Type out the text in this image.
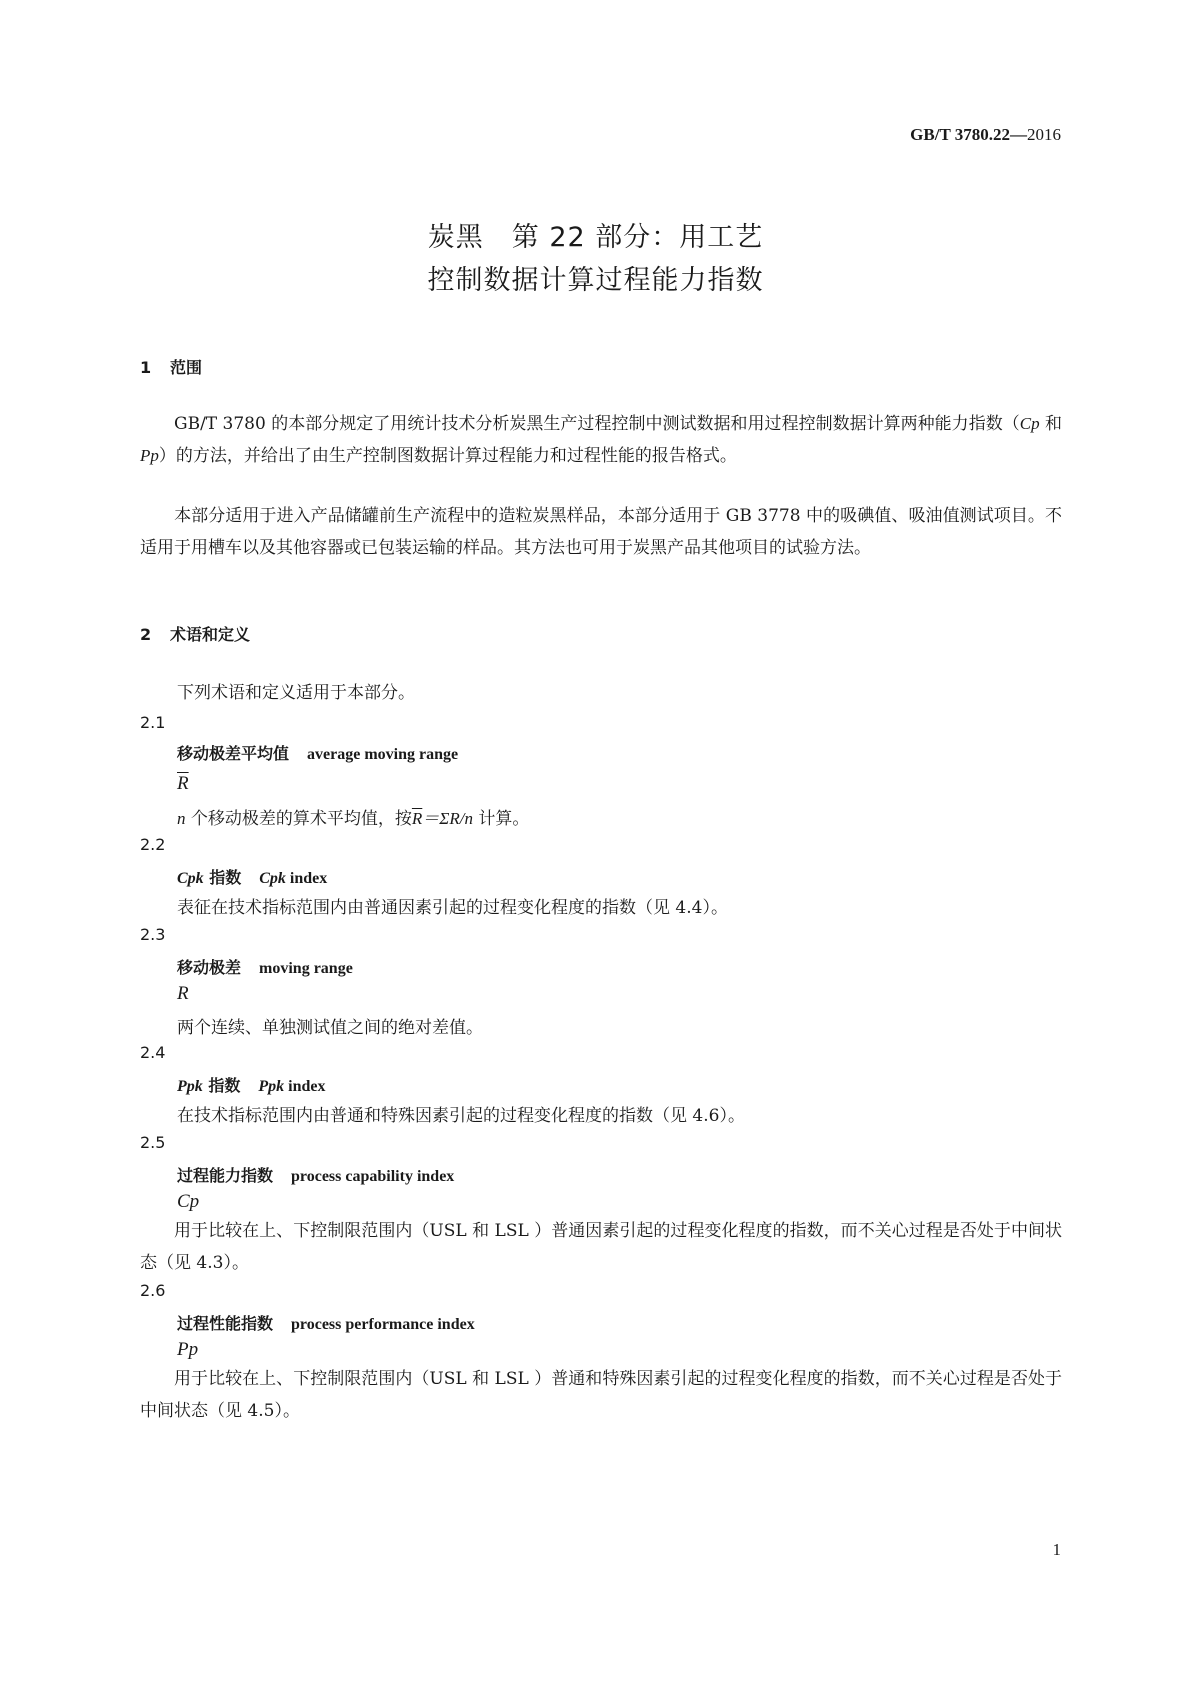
GB/T 3780.22—2016
炭黑　第 22 部分：用工艺
控制数据计算过程能力指数
1 范围
GB/T 3780 的本部分规定了用统计技术分析炭黑生产过程控制中测试数据和用过程控制数据计算两种能力指数（Cp 和 Pp）的方法，并给出了由生产控制图数据计算过程能力和过程性能的报告格式。
本部分适用于进入产品储罐前生产流程中的造粒炭黑样品，本部分适用于 GB 3778 中的吸碘值、吸油值测试项目。不适用于用槽车以及其他容器或已包装运输的样品。其方法也可用于炭黑产品其他项目的试验方法。
2 术语和定义
下列术语和定义适用于本部分。
2.1
移动极差平均值 average moving range
$\overline{R}$
n 个移动极差的算术平均值，按$\overline{R}=\Sigma R/n$ 计算。
2.2
Cpk 指数 Cpk index
表征在技术指标范围内由普通因素引起的过程变化程度的指数（见 4.4）。
2.3
移动极差 moving range
R
两个连续、单独测试值之间的绝对差值。
2.4
Ppk 指数 Ppk index
在技术指标范围内由普通和特殊因素引起的过程变化程度的指数（见 4.6）。
2.5
过程能力指数 process capability index
Cp
用于比较在上、下控制限范围内（USL 和 LSL ）普通因素引起的过程变化程度的指数，而不关心过程是否处于中间状态（见 4.3）。
2.6
过程性能指数 process performance index
Pp
用于比较在上、下控制限范围内（USL 和 LSL ）普通和特殊因素引起的过程变化程度的指数，而不关心过程是否处于中间状态（见 4.5）。
1
